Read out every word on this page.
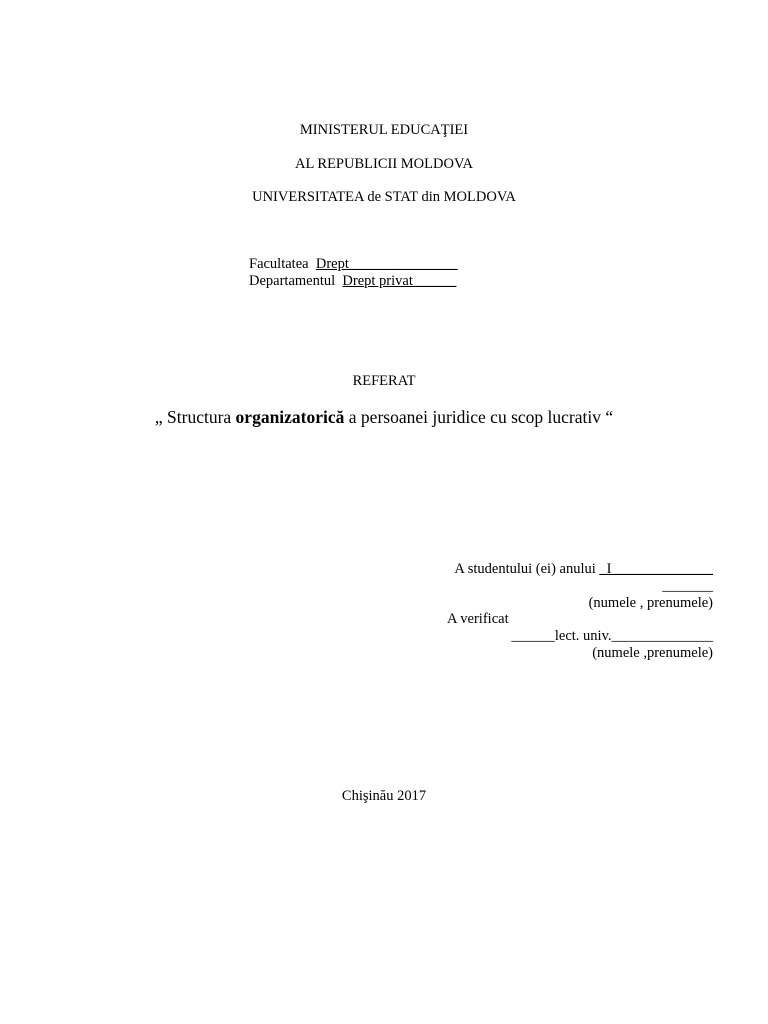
MINISTERUL EDUCAŢIEI
AL REPUBLICII MOLDOVA
UNIVERSITATEA de STAT din MOLDOVA
Facultatea Drept_______________
Departamentul Drept privat______
REFERAT
„ Structura organizatorică a persoanei juridice cu scop lucrativ “
A studentului (ei) anului _I______________
_______
(numele , prenumele)
A verificat
______lect. univ.______________
(numele ,prenumele)
Chişinău 2017
